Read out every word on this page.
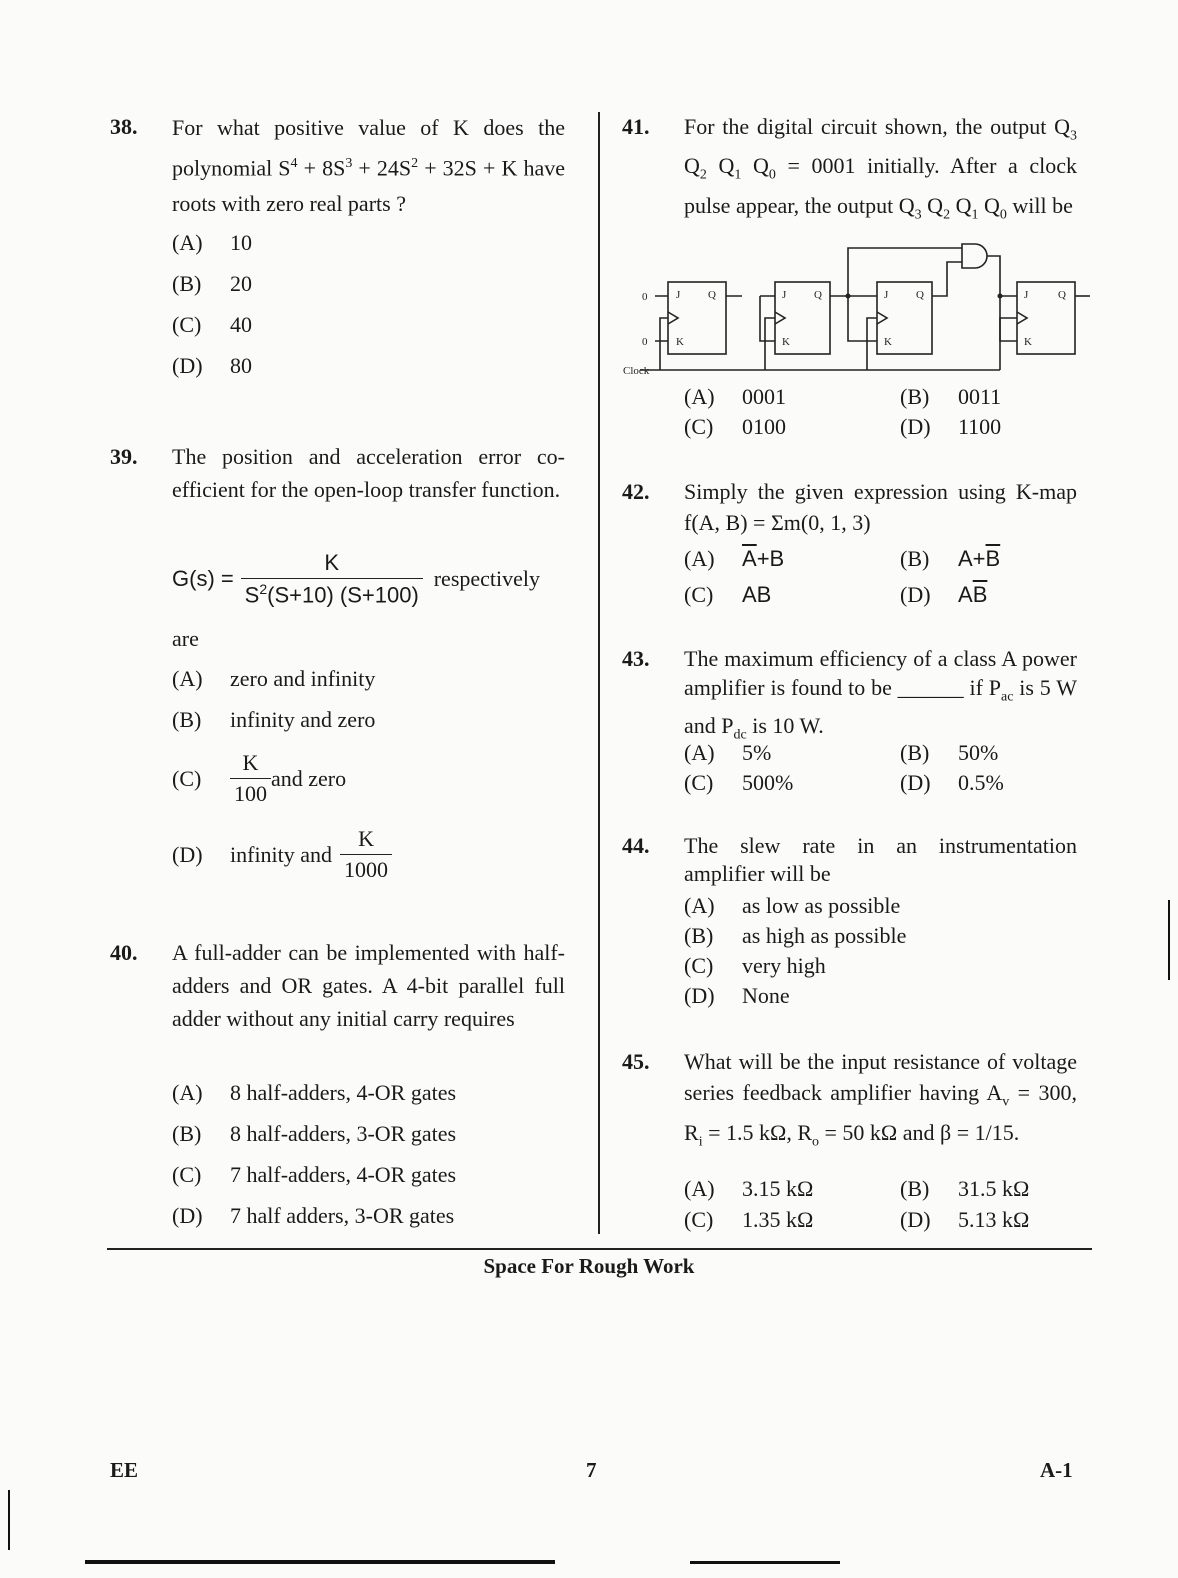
38. For what positive value of K does the polynomial $S^4 + 8S^3 + 24S^2 + 32S + K$ have roots with zero real parts ?
(A) 10
(B) 20
(C) 40
(D) 80
39. The position and acceleration error co-efficient for the open-loop transfer function.
$G(s) = \frac{K}{S^2(S+10) (S+100)}$ respectively
are
(A) zero and infinity
(B) infinity and zero
(C)	$\frac{K}{100}$ and zero
(D)	infinity and $\frac{K}{1000}$
40. A full-adder can be implemented with half-adders and OR gates. A 4-bit parallel full adder without any initial carry requires
(A) 8 half-adders, 4-OR gates
(B) 8 half-adders, 3-OR gates
(C) 7 half-adders, 4-OR gates
(D) 7 half adders, 3-OR gates
41. For the digital circuit shown, the output $Q_3$ $Q_2$ $Q_1$ $Q_0 = 0001$ initially. After a clock pulse appear, the output $Q_3$ $Q_2$ $Q_1$ $Q_0$ will be
0
0
Clock
J	Q
K
J	Q
K
J	Q
K
J	Q
K
(A) 0001	(B) 0011
(C) 0100	(D) 1100
42. Simply the given expression using K-map f(A, B) = Σm(0, 1, 3)
(A) $\overline{A}+B$	(B) $A+\overline{B}$
(C) AB	(D) $A\overline{B}$
43. The maximum efficiency of a class A power amplifier is found to be ______ if $P_{ac}$ is 5 W and $P_{dc}$ is 10 W.
(A) 5%	(B) 50%
(C) 500%	(D) 0.5%
44. The slew rate in an instrumentation amplifier will be
(A) as low as possible
(B) as high as possible
(C) very high
(D) None
45. What will be the input resistance of voltage series feedback amplifier having $A_v = 300$, $R_i = 1.5$ kΩ, $R_o = 50$ kΩ and β = 1/15.
(A) 3.15 kΩ	(B) 31.5 kΩ
(C) 1.35 kΩ	(D) 5.13 kΩ
Space For Rough Work
EE	7	A-1
